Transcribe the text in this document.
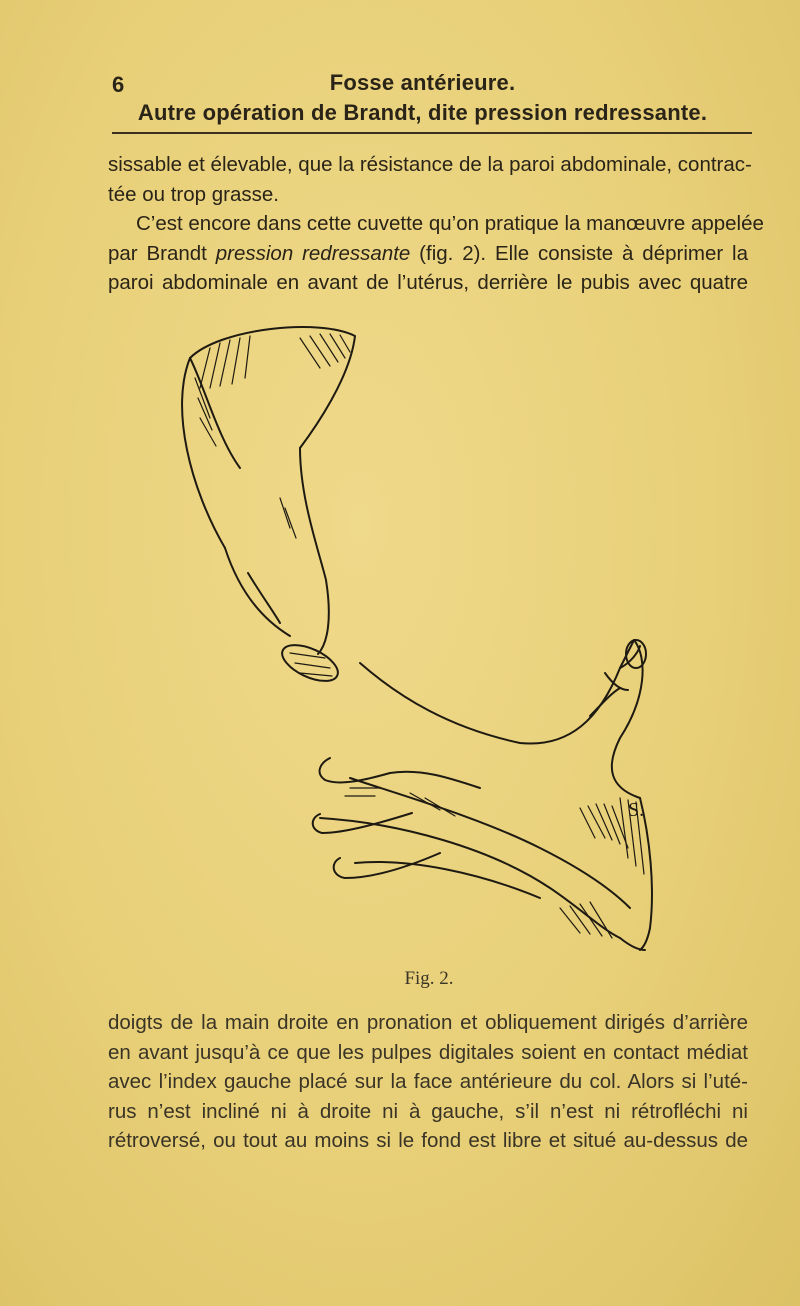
6	Fosse antérieure.
Autre opération de Brandt, dite pression redressante.
sissable et élevable, que la résistance de la paroi abdominale, contrac-
tée ou trop grasse.
C’est encore dans cette cuvette qu’on pratique la manœuvre appelée
par Brandt pression redressante (fig. 2). Elle consiste à déprimer la
paroi abdominale en avant de l’utérus, derrière le pubis avec quatre
S.
Fig. 2.
doigts de la main droite en pronation et obliquement dirigés d’arrière
en avant jusqu’à ce que les pulpes digitales soient en contact médiat
avec l’index gauche placé sur la face antérieure du col. Alors si l’uté-
rus n’est incliné ni à droite ni à gauche, s’il n’est ni rétrofléchi ni
rétroversé, ou tout au moins si le fond est libre et situé au-dessus de
